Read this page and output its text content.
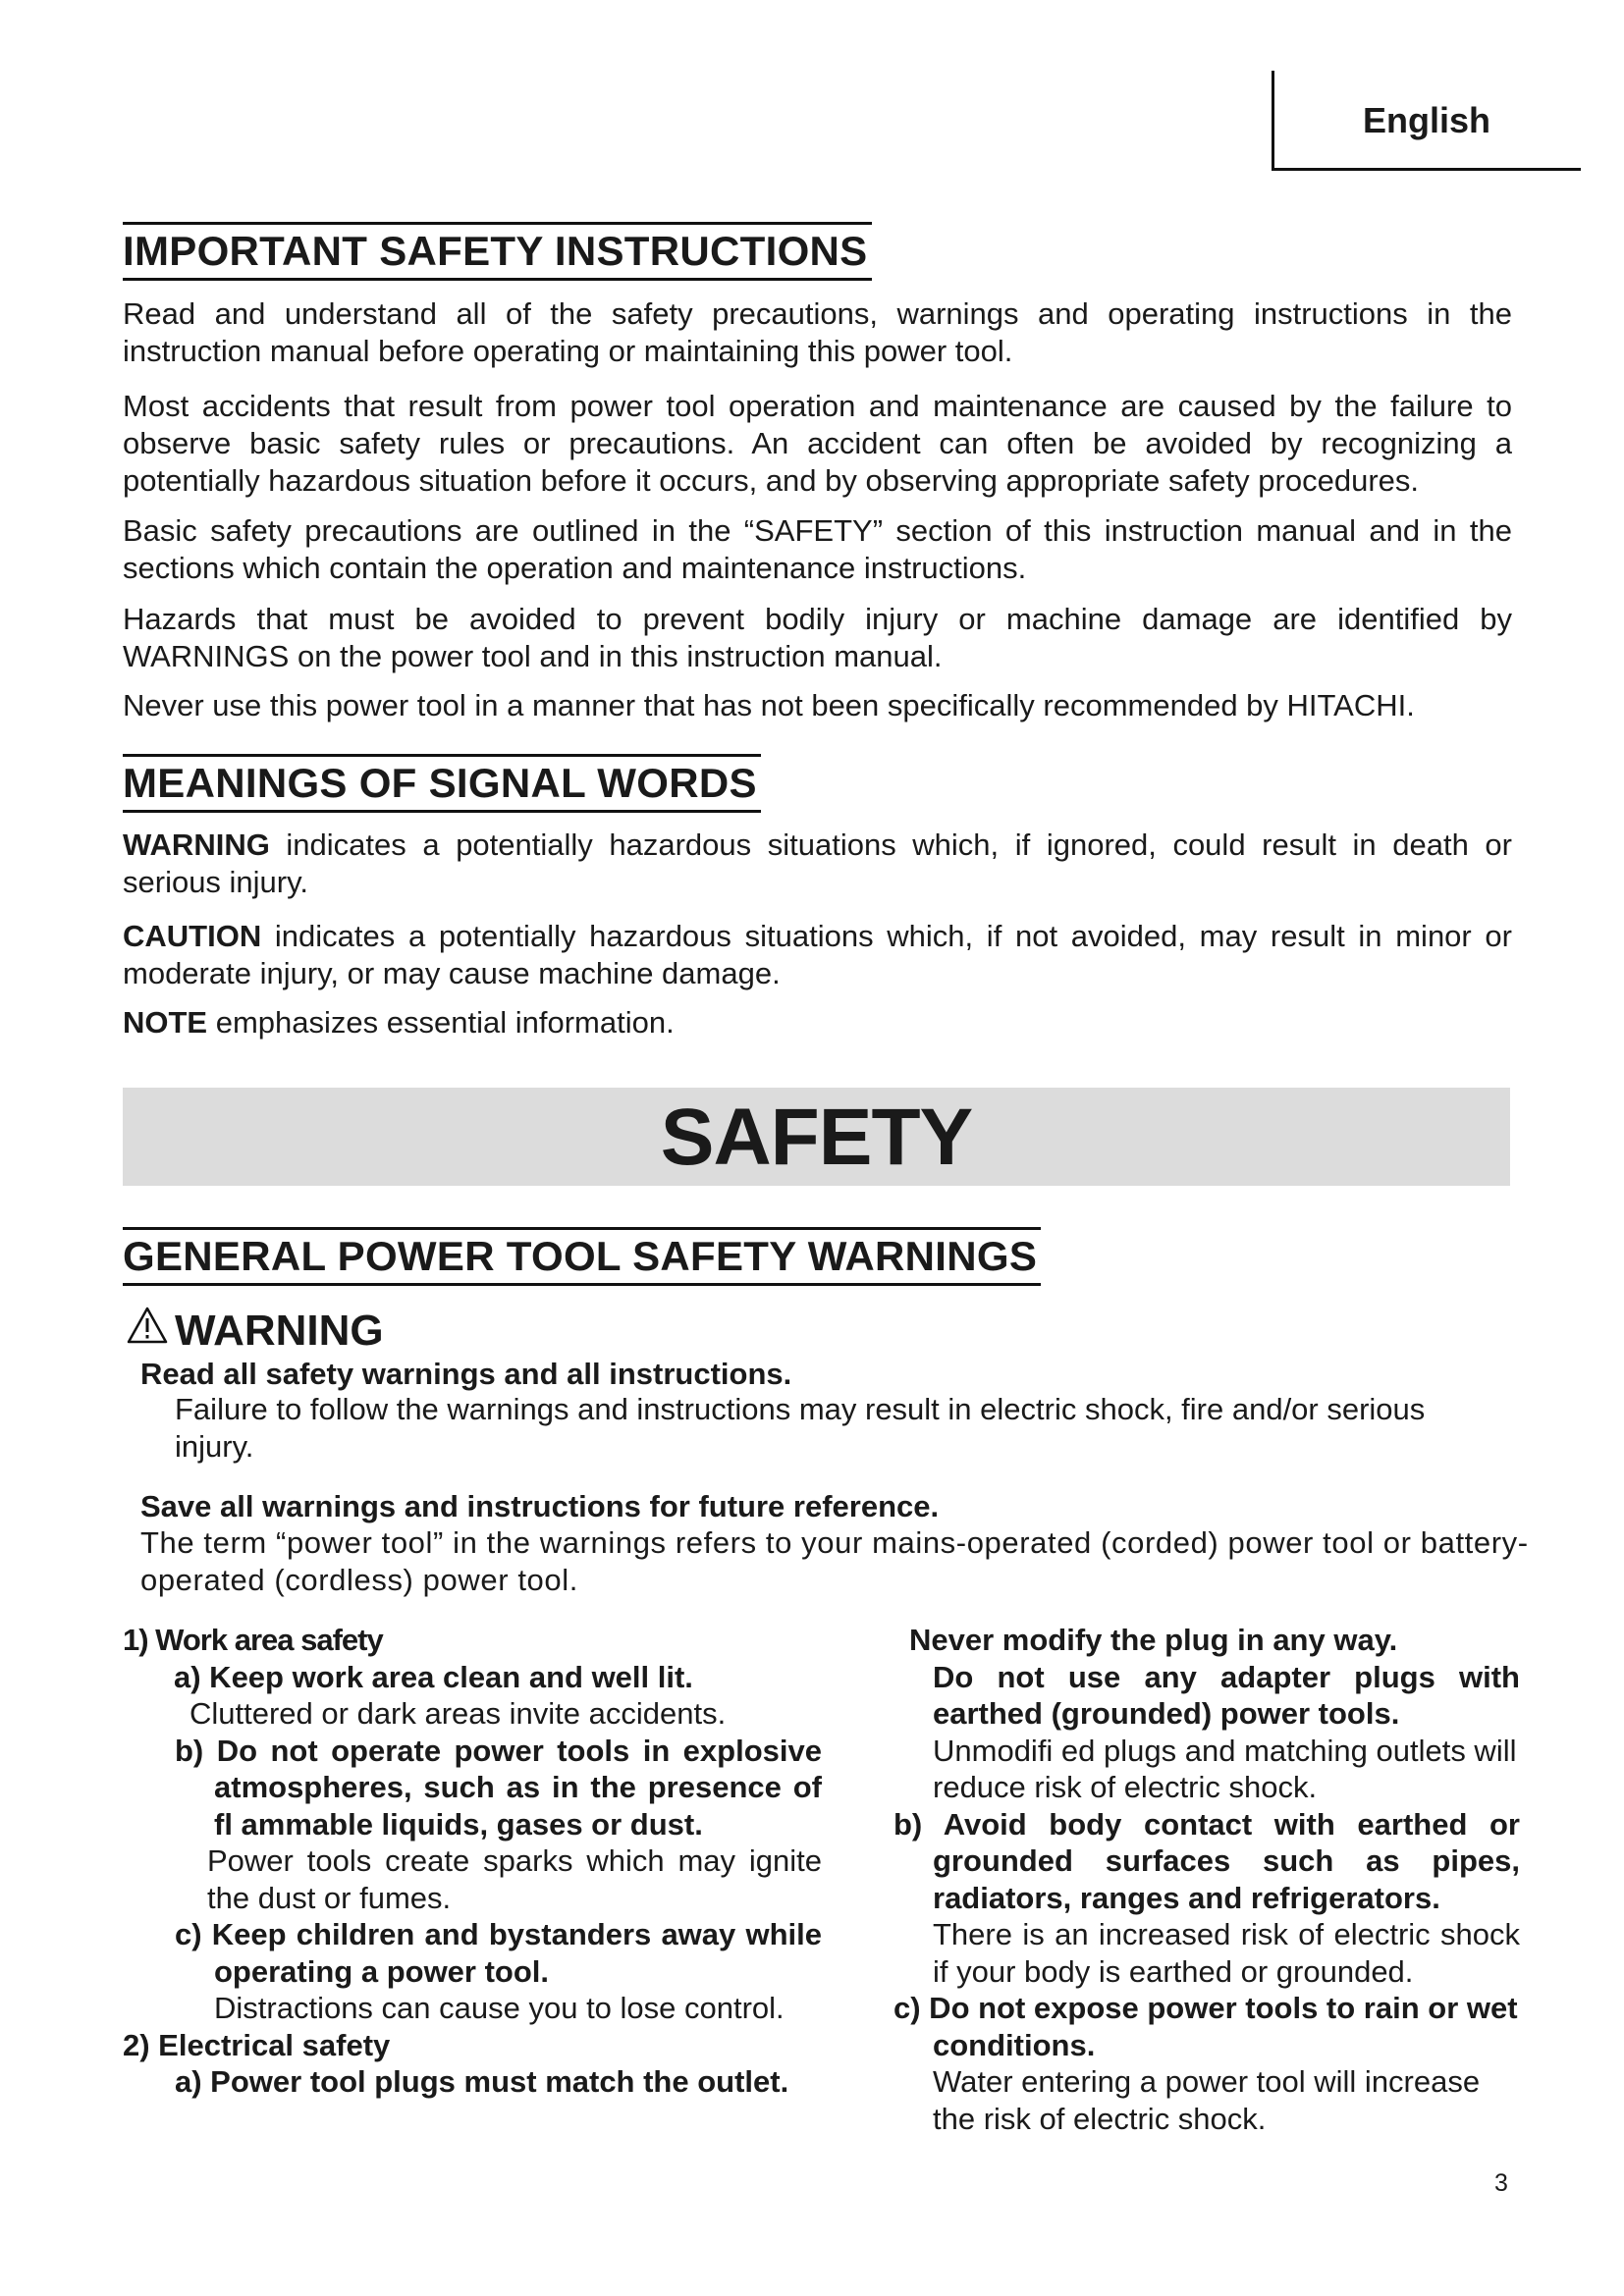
English
IMPORTANT SAFETY INSTRUCTIONS
Read and understand all of the safety precautions, warnings and operating instructions in the instruction manual before operating or maintaining this power tool.
Most accidents that result from power tool operation and maintenance are caused by the failure to observe basic safety rules or precautions. An accident can often be avoided by recognizing a potentially hazardous situation before it occurs, and by observing appropriate safety procedures.
Basic safety precautions are outlined in the “SAFETY” section of this instruction manual and in the sections which contain the operation and maintenance instructions.
Hazards that must be avoided to prevent bodily injury or machine damage are identified by WARNINGS on the power tool and in this instruction manual.
Never use this power tool in a manner that has not been specifically recommended by HITACHI.
MEANINGS OF SIGNAL WORDS
WARNING indicates a potentially hazardous situations which, if ignored, could result in death or serious injury.
CAUTION indicates a potentially hazardous situations which, if not avoided, may result in minor or moderate injury, or may cause machine damage.
NOTE emphasizes essential information.
SAFETY
GENERAL POWER TOOL SAFETY WARNINGS
WARNING
Read all safety warnings and all instructions.
Failure to follow the warnings and instructions may result in electric shock, fire and/or serious injury.
Save all warnings and instructions for future reference.
The term “power tool” in the warnings refers to your mains-operated (corded) power tool or battery-operated (cordless) power tool.
1) Work area safety
a) Keep work area clean and well lit.
Cluttered or dark areas invite accidents.
b) Do not operate power tools in explosive atmospheres, such as in the presence of fl ammable liquids, gases or dust.
Power tools create sparks which may ignite the dust or fumes.
c) Keep children and bystanders away while operating a power tool.
Distractions can cause you to lose control.
2) Electrical safety
a) Power tool plugs must match the outlet.
Never modify the plug in any way.
Do not use any adapter plugs with earthed (grounded) power tools.
Unmodifi ed plugs and matching outlets will reduce risk of electric shock.
b) Avoid body contact with earthed or grounded surfaces such as pipes, radiators, ranges and refrigerators.
There is an increased risk of electric shock if your body is earthed or grounded.
c) Do not expose power tools to rain or wet conditions.
Water entering a power tool will increase the risk of electric shock.
3
